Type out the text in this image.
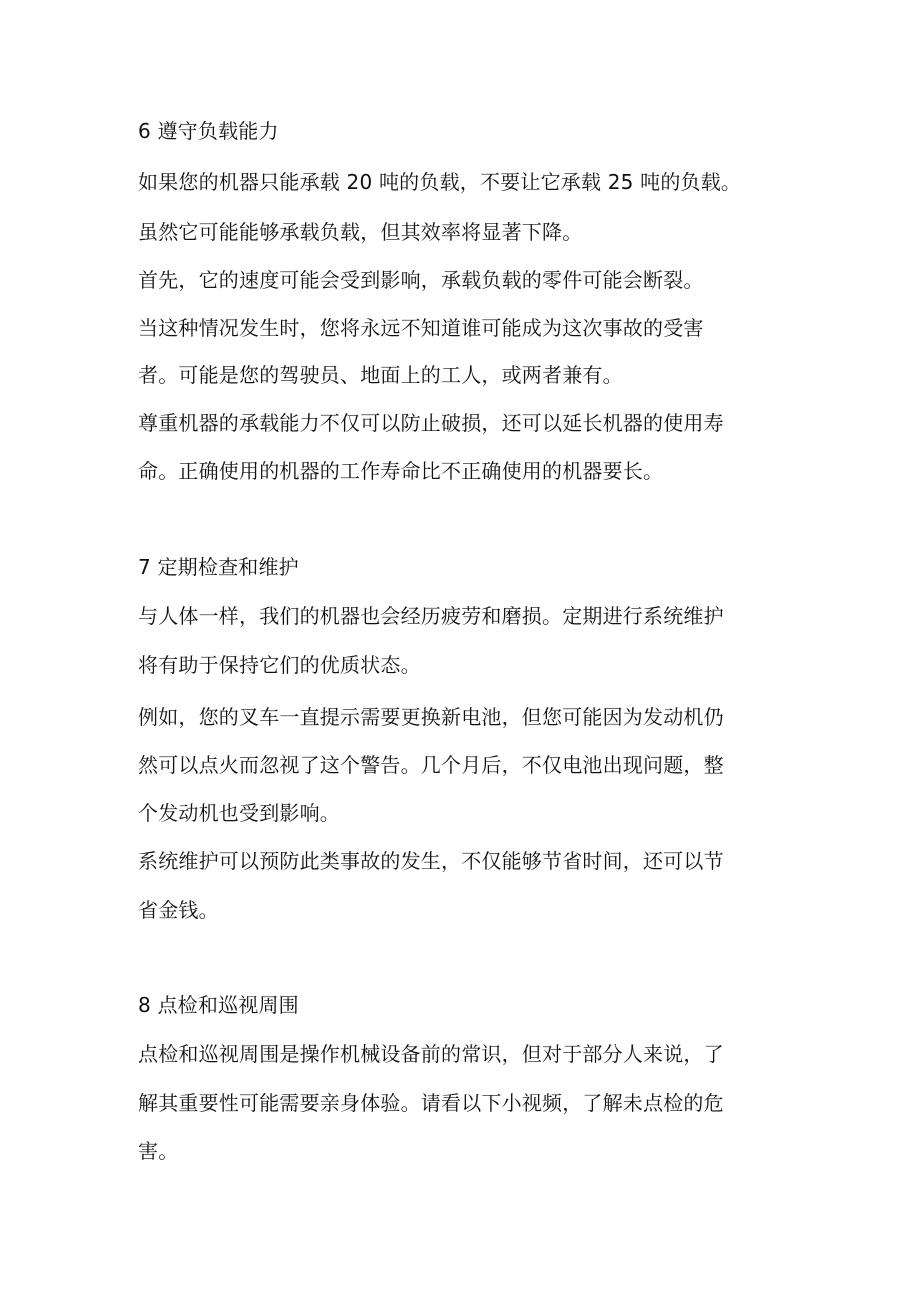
6 遵守负载能力
如果您的机器只能承载 20 吨的负载，不要让它承载 25 吨的负载。
虽然它可能能够承载负载，但其效率将显著下降。
首先，它的速度可能会受到影响，承载负载的零件可能会断裂。
当这种情况发生时，您将永远不知道谁可能成为这次事故的受害
者。可能是您的驾驶员、地面上的工人，或两者兼有。
尊重机器的承载能力不仅可以防止破损，还可以延长机器的使用寿
命。正确使用的机器的工作寿命比不正确使用的机器要长。
7 定期检查和维护
与人体一样，我们的机器也会经历疲劳和磨损。定期进行系统维护
将有助于保持它们的优质状态。
例如，您的叉车一直提示需要更换新电池，但您可能因为发动机仍
然可以点火而忽视了这个警告。几个月后，不仅电池出现问题，整
个发动机也受到影响。
系统维护可以预防此类事故的发生，不仅能够节省时间，还可以节
省金钱。
8 点检和巡视周围
点检和巡视周围是操作机械设备前的常识，但对于部分人来说，了
解其重要性可能需要亲身体验。请看以下小视频，了解未点检的危
害。
